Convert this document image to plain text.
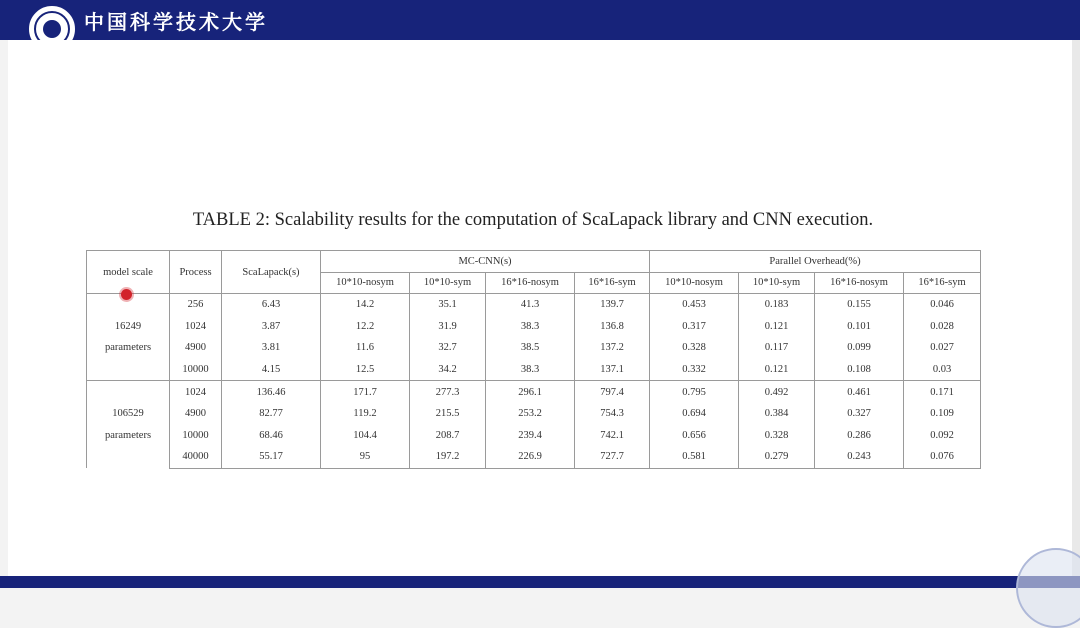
中国科学技术大学
TABLE 2: Scalability results for the computation of ScaLapack library and CNN execution.
model scale	Process	ScaLapack(s)	MC-CNN(s)				Parallel Overhead(%)			
			10*10-nosym	10*10-sym	16*16-nosym	16*16-sym	10*10-nosym	10*10-sym	16*16-nosym	16*16-sym

16249
parameters	256	6.43	14.2	35.1	41.3	139.7	0.453	0.183	0.155	0.046
	1024	3.87	12.2	31.9	38.3	136.8	0.317	0.121	0.101	0.028
	4900	3.81	11.6	32.7	38.5	137.2	0.328	0.117	0.099	0.027
	10000	4.15	12.5	34.2	38.3	137.1	0.332	0.121	0.108	0.03

106529
parameters	1024	136.46	171.7	277.3	296.1	797.4	0.795	0.492	0.461	0.171
	4900	82.77	119.2	215.5	253.2	754.3	0.694	0.384	0.327	0.109
	10000	68.46	104.4	208.7	239.4	742.1	0.656	0.328	0.286	0.092
	40000	55.17	95	197.2	226.9	727.7	0.581	0.279	0.243	0.076
